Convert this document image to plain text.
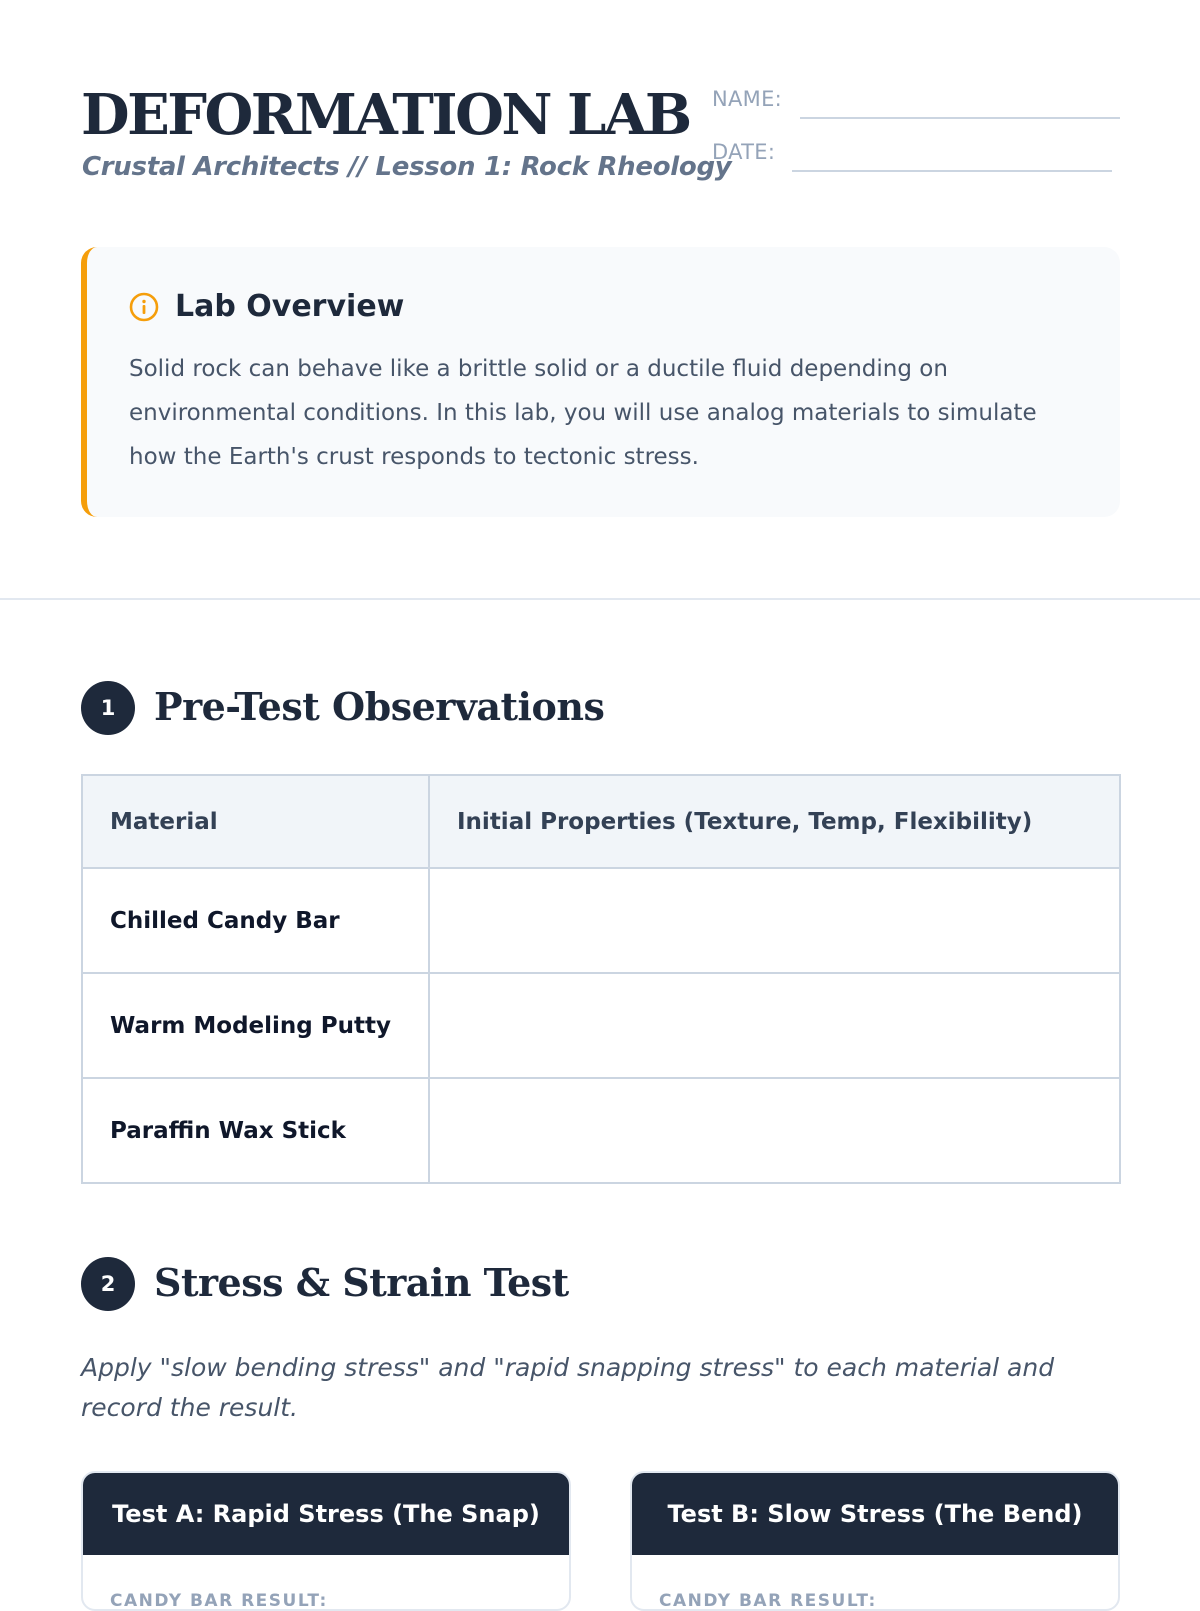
DEFORMATION LAB
Crustal Architects // Lesson 1: Rock Rheology
NAME:
DATE:
Lab Overview
Solid rock can behave like a brittle solid or a ductile fluid depending on environmental conditions. In this lab, you will use analog materials to simulate how the Earth's crust responds to tectonic stress.
1	Pre-Test Observations
Material	Initial Properties (Texture, Temp, Flexibility)
Chilled Candy Bar	
Warm Modeling Putty	
Paraffin Wax Stick	
2	Stress & Strain Test
Apply "slow bending stress" and "rapid snapping stress" to each material and record the result.
Test A: Rapid Stress (The Snap)
CANDY BAR RESULT:
Test B: Slow Stress (The Bend)
CANDY BAR RESULT:
